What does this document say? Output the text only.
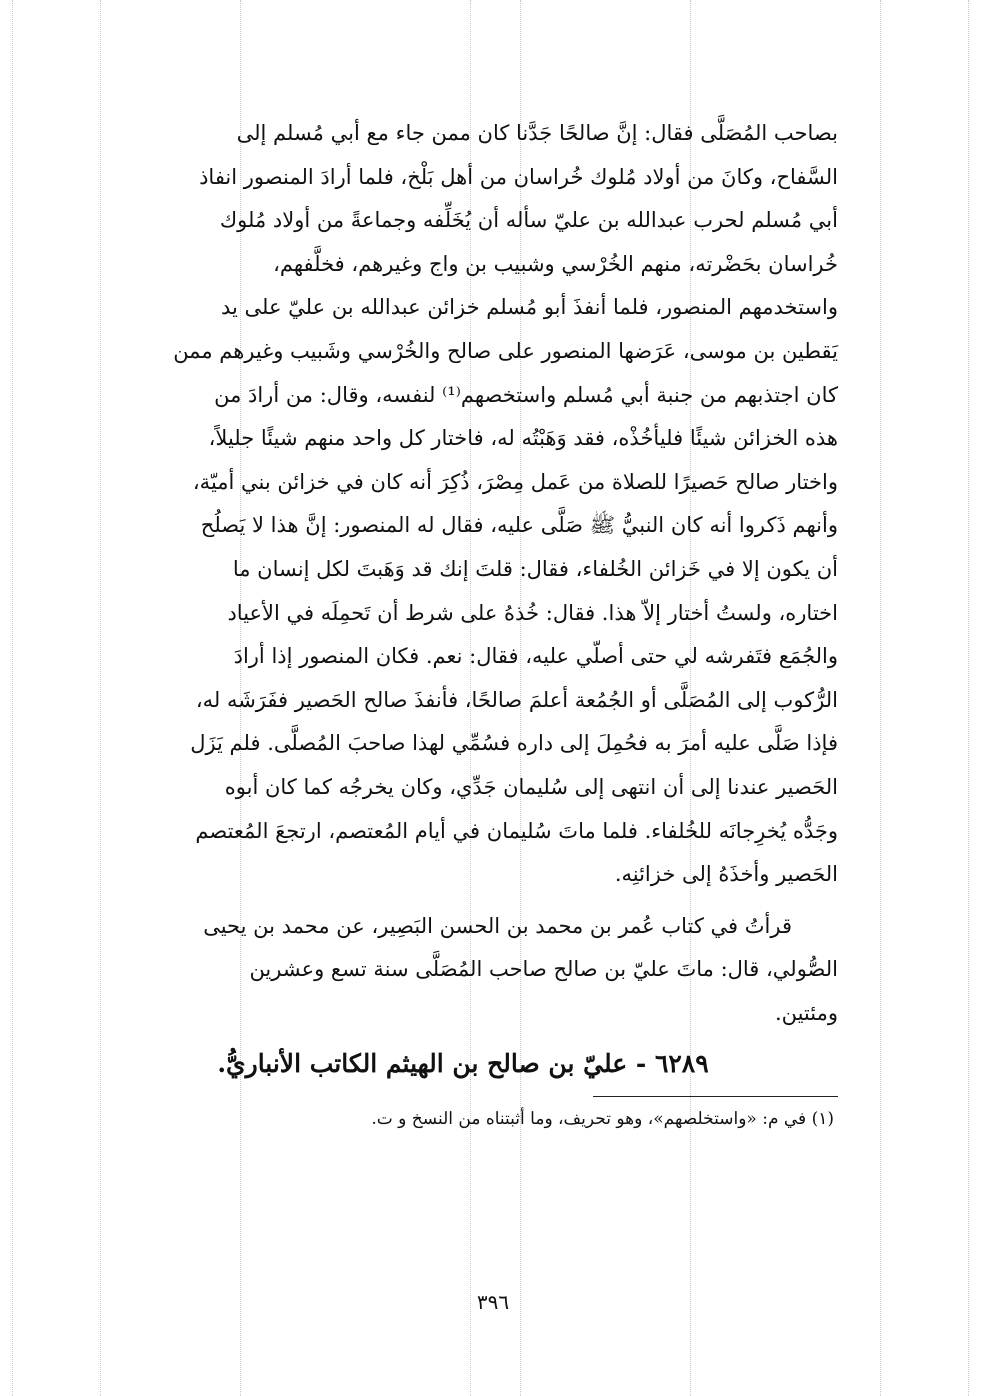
بصاحب المُصَلَّى فقال: إنَّ صالحًا جَدَّنا كان ممن جاء مع أبي مُسلم إلى
السَّفاح، وكانَ من أولاد مُلوك خُراسان من أهل بَلْخ، فلما أرادَ المنصور انفاذ
أبي مُسلم لحرب عبدالله بن عليّ سأله أن يُخَلِّفه وجماعةً من أولاد مُلوك
خُراسان بحَضْرته، منهم الخُرْسي وشبيب بن واج وغيرهم، فخلَّفهم،
واستخدمهم المنصور، فلما أنفذَ أبو مُسلم خزائن عبدالله بن عليّ على يد
يَقطين بن موسى، عَرَضها المنصور على صالح والخُرْسي وشَبيب وغيرهم ممن
كان اجتذبهم من جنبة أبي مُسلم واستخصهم⁽¹⁾ لنفسه، وقال: من أرادَ من
هذه الخزائن شيئًا فليأخُذْه، فقد وَهَبْتُه له، فاختار كل واحد منهم شيئًا جليلاً،
واختار صالح حَصيرًا للصلاة من عَمل مِصْرَ، ذُكِرَ أنه كان في خزائن بني أميّة،
وأنهم ذَكروا أنه كان النبيُّ ﷺ صَلَّى عليه، فقال له المنصور: إنَّ هذا لا يَصلُح
أن يكون إلا في خَزائن الخُلفاء، فقال: قلتَ إنك قد وَهَبتَ لكل إنسان ما
اختاره، ولستُ أختار إلاّ هذا. فقال: خُذهُ على شرط أن تَحمِلَه في الأعياد
والجُمَع فتَفرشه لي حتى أصلّي عليه، فقال: نعم. فكان المنصور إذا أرادَ
الرُّكوب إلى المُصَلَّى أو الجُمُعة أعلمَ صالحًا، فأنفذَ صالح الحَصير ففَرَشَه له،
فإذا صَلَّى عليه أمرَ به فحُمِلَ إلى داره فسُمِّي لهذا صاحبَ المُصلَّى. فلم يَزَل
الحَصير عندنا إلى أن انتهى إلى سُليمان جَدِّي، وكان يخرجُه كما كان أبوه
وجَدُّه يُخرِجانَه للخُلفاء. فلما ماتَ سُليمان في أيام المُعتصم، ارتجعَ المُعتصم
الحَصير وأخذَهُ إلى خزائنِه.

قرأتُ في كتاب عُمر بن محمد بن الحسن البَصِير، عن محمد بن يحيى
الصُّولي، قال: ماتَ عليّ بن صالح صاحب المُصَلَّى سنة تسع وعشرين
ومئتين.

٦٢٨٩ - عليّ بن صالح بن الهيثم الكاتب الأنباريُّ.
(١) في م: «واستخلصهم»، وهو تحريف، وما أثبتناه من النسخ و ت.
٣٩٦
